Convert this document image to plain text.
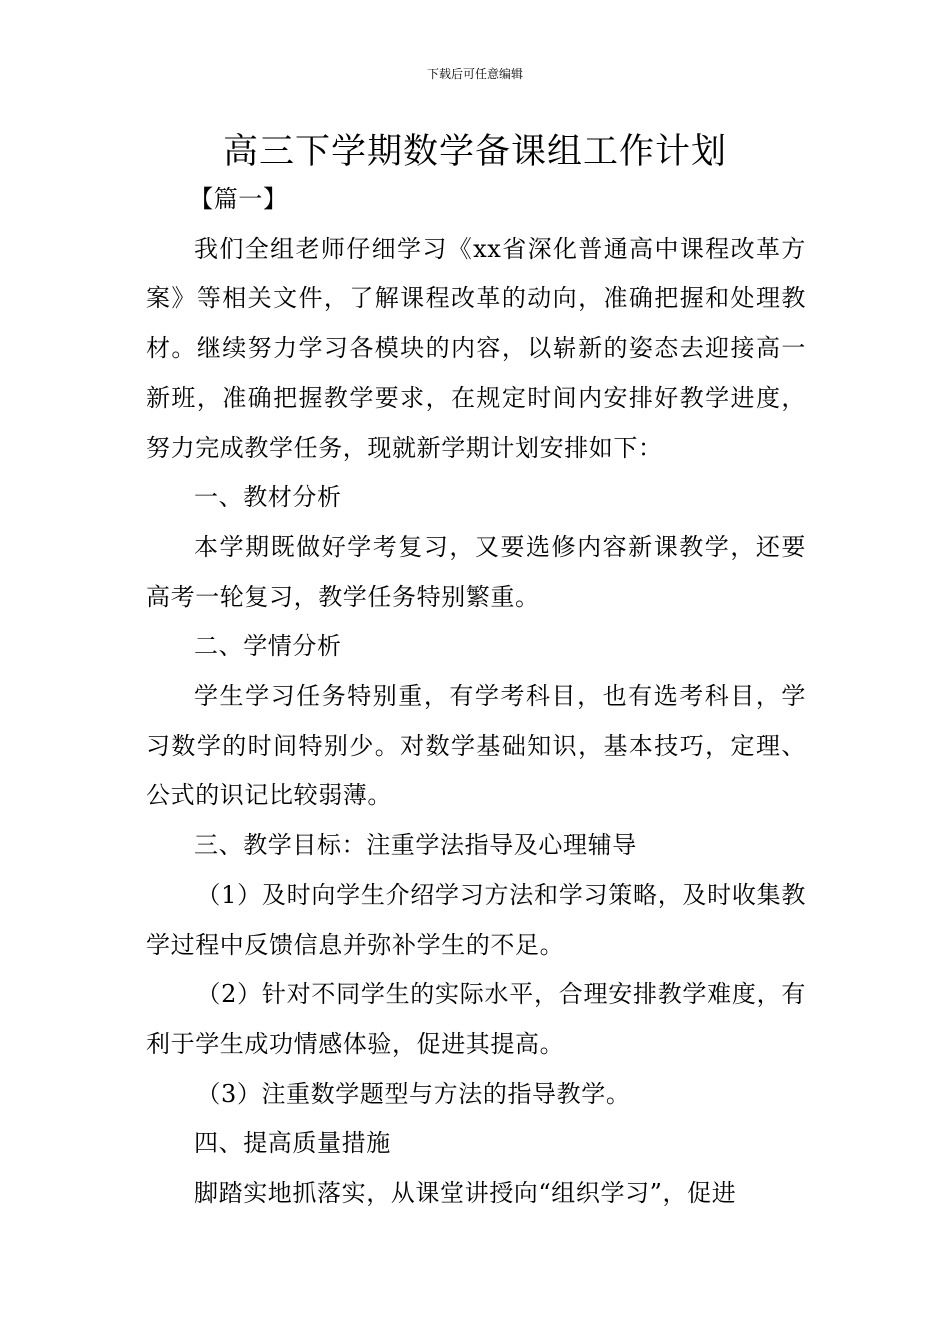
下载后可任意编辑
高三下学期数学备课组工作计划

【篇一】

我们全组老师仔细学习《xx省深化普通高中课程改革方案》等相关文件，了解课程改革的动向，准确把握和处理教材。继续努力学习各模块的内容，以崭新的姿态去迎接高一新班，准确把握教学要求，在规定时间内安排好教学进度，努力完成教学任务，现就新学期计划安排如下：

一、教材分析

本学期既做好学考复习，又要选修内容新课教学，还要高考一轮复习，教学任务特别繁重。

二、学情分析

学生学习任务特别重，有学考科目，也有选考科目，学习数学的时间特别少。对数学基础知识，基本技巧，定理、公式的识记比较弱薄。

三、教学目标：注重学法指导及心理辅导

（1）及时向学生介绍学习方法和学习策略，及时收集教学过程中反馈信息并弥补学生的不足。

（2）针对不同学生的实际水平，合理安排教学难度，有利于学生成功情感体验，促进其提高。

（3）注重数学题型与方法的指导教学。

四、提高质量措施

脚踏实地抓落实，从课堂讲授向“组织学习”，促进
